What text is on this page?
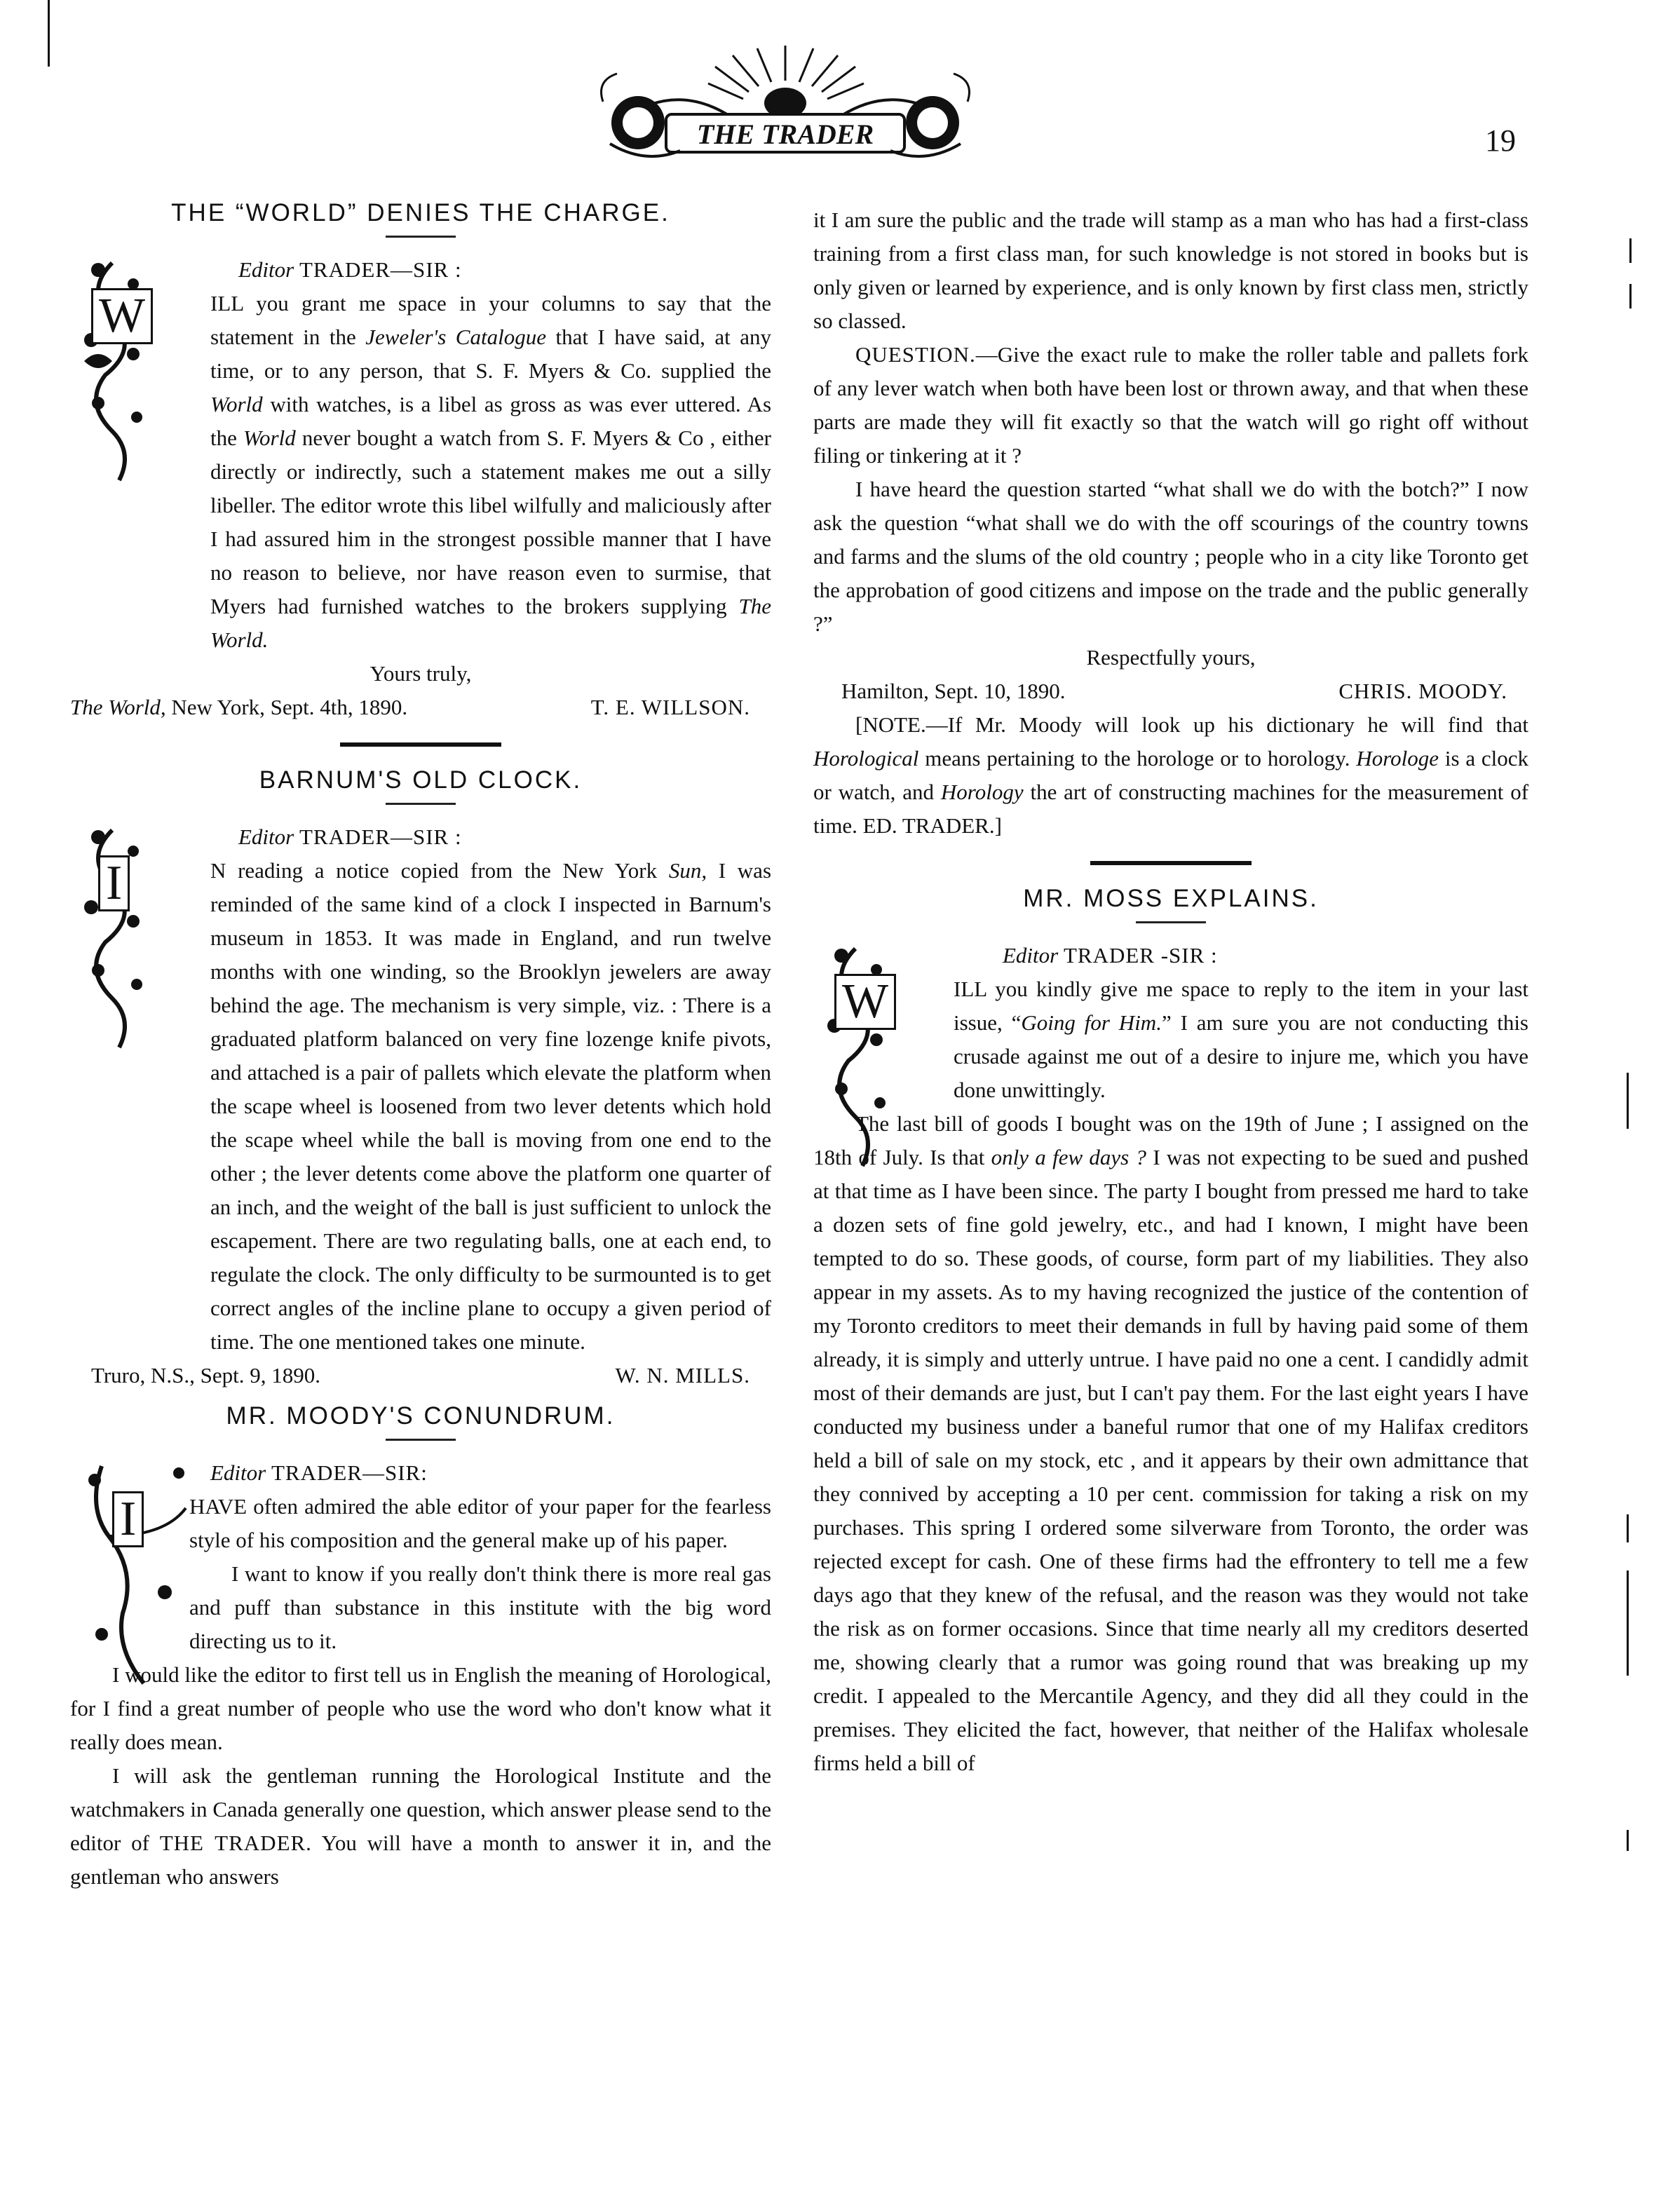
THE TRADER	19
THE “WORLD” DENIES THE CHARGE.
W

Editor TRADER—SIR :

ILL you grant me space in your columns to say that the statement in the Jeweler's Catalogue that I have said, at any time, or to any person, that S. F. Myers & Co. supplied the World with watches, is a libel as gross as was ever uttered. As the World never bought a watch from S. F. Myers & Co , either directly or indirectly, such a statement makes me out a silly libeller. The editor wrote this libel wilfully and maliciously after I had assured him in the strongest possible manner that I have no reason to believe, nor have reason even to surmise, that Myers had furnished watches to the brokers supplying The World.

Yours truly,
The World, New York, Sept. 4th, 1890.	T. E. WILLSON.
BARNUM'S OLD CLOCK.
I

Editor TRADER—SIR :

N reading a notice copied from the New York Sun, I was reminded of the same kind of a clock I inspected in Barnum's museum in 1853. It was made in England, and run twelve months with one winding, so the Brooklyn jewelers are away behind the age. The mechanism is very simple, viz. : There is a graduated platform balanced on very fine lozenge knife pivots, and attached is a pair of pallets which elevate the platform when the scape wheel is loosened from two lever detents which hold the scape wheel while the ball is moving from one end to the other ; the lever detents come above the platform one quarter of an inch, and the weight of the ball is just sufficient to unlock the escapement. There are two regulating balls, one at each end, to regulate the clock. The only difficulty to be surmounted is to get correct angles of the incline plane to occupy a given period of time. The one mentioned takes one minute.

Truro, N.S., Sept. 9, 1890.	W. N. MILLS.
MR. MOODY'S CONUNDRUM.
I

Editor TRADER—SIR:

HAVE often admired the able editor of your paper for the fearless style of his composition and the general make up of his paper.

I want to know if you really don't think there is more real gas and puff than substance in this institute with the big word directing us to it.

I would like the editor to first tell us in English the meaning of Horological, for I find a great number of people who use the word who don't know what it really does mean.

I will ask the gentleman running the Horological Institute and the watchmakers in Canada generally one question, which answer please send to the editor of THE TRADER. You will have a month to answer it in, and the gentleman who answers

it I am sure the public and the trade will stamp as a man who has had a first-class training from a first class man, for such knowledge is not stored in books but is only given or learned by experience, and is only known by first class men, strictly so classed.

QUESTION.—Give the exact rule to make the roller table and pallets fork of any lever watch when both have been lost or thrown away, and that when these parts are made they will fit exactly so that the watch will go right off without filing or tinkering at it ?

I have heard the question started “what shall we do with the botch?” I now ask the question “what shall we do with the off scourings of the country towns and farms and the slums of the old country ; people who in a city like Toronto get the approbation of good citizens and impose on the trade and the public generally ?”

Respectfully yours,
Hamilton, Sept. 10, 1890.	CHRIS. MOODY.

[NOTE.—If Mr. Moody will look up his dictionary he will find that Horological means pertaining to the horologe or to horology. Horologe is a clock or watch, and Horology the art of constructing machines for the measurement of time. ED. TRADER.]

MR. MOSS EXPLAINS.
W

Editor TRADER -SIR :

ILL you kindly give me space to reply to the item in your last issue, “Going for Him.” I am sure you are not conducting this crusade against me out of a desire to injure me, which you have done unwittingly.

The last bill of goods I bought was on the 19th of June ; I assigned on the 18th of July. Is that only a few days ? I was not expecting to be sued and pushed at that time as I have been since. The party I bought from pressed me hard to take a dozen sets of fine gold jewelry, etc., and had I known, I might have been tempted to do so. These goods, of course, form part of my liabilities. They also appear in my assets. As to my having recognized the justice of the contention of my Toronto creditors to meet their demands in full by having paid some of them already, it is simply and utterly untrue. I have paid no one a cent. I candidly admit most of their demands are just, but I can't pay them. For the last eight years I have conducted my business under a baneful rumor that one of my Halifax creditors held a bill of sale on my stock, etc , and it appears by their own admittance that they connived by accepting a 10 per cent. commission for taking a risk on my purchases. This spring I ordered some silverware from Toronto, the order was rejected except for cash. One of these firms had the effrontery to tell me a few days ago that they knew of the refusal, and the reason was they would not take the risk as on former occasions. Since that time nearly all my creditors deserted me, showing clearly that a rumor was going round that was breaking up my credit. I appealed to the Mercantile Agency, and they did all they could in the premises. They elicited the fact, however, that neither of the Halifax wholesale firms held a bill of
